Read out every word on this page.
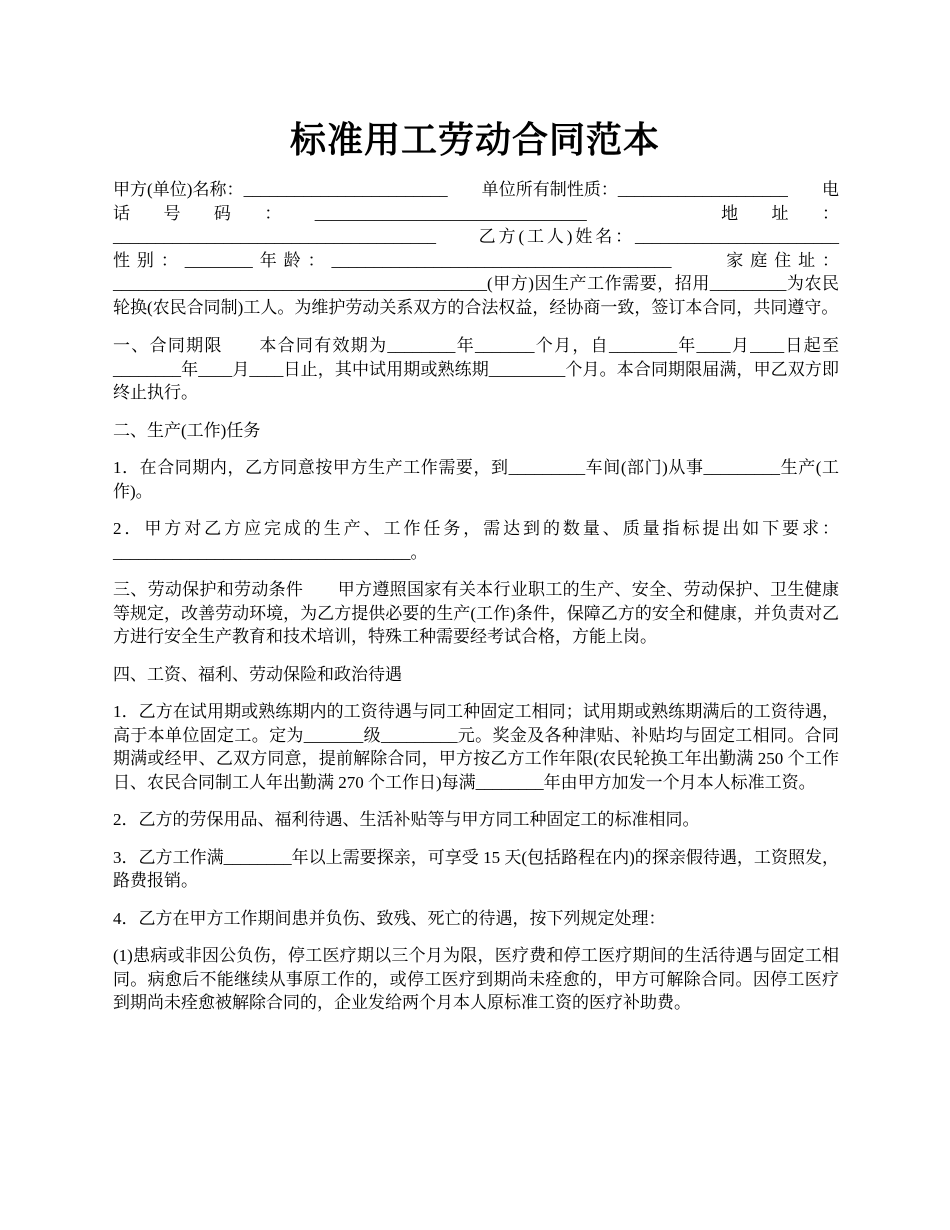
标准用工劳动合同范本

甲方(单位)名称：________________________　　单位所有制性质：____________________　　电话号码：________________________________　　地址：______________________________________　　乙方(工人)姓名：________________________　　性别：________年龄：________________________________________　　家庭住址：____________________________________________(甲方)因生产工作需要，招用_________为农民轮换(农民合同制)工人。为维护劳动关系双方的合法权益，经协商一致，签订本合同，共同遵守。

一、合同期限　　本合同有效期为________年_______个月，自________年____月____日起至________年____月____日止，其中试用期或熟练期_________个月。本合同期限届满，甲乙双方即终止执行。

二、生产(工作)任务

1．在合同期内，乙方同意按甲方生产工作需要，到_________车间(部门)从事_________生产(工作)。

2．甲方对乙方应完成的生产、工作任务，需达到的数量、质量指标提出如下要求：___________________________________。

三、劳动保护和劳动条件　　甲方遵照国家有关本行业职工的生产、安全、劳动保护、卫生健康等规定，改善劳动环境，为乙方提供必要的生产(工作)条件，保障乙方的安全和健康，并负责对乙方进行安全生产教育和技术培训，特殊工种需要经考试合格，方能上岗。

四、工资、福利、劳动保险和政治待遇

1．乙方在试用期或熟练期内的工资待遇与同工种固定工相同；试用期或熟练期满后的工资待遇，高于本单位固定工。定为_______级_________元。奖金及各种津贴、补贴均与固定工相同。合同期满或经甲、乙双方同意，提前解除合同，甲方按乙方工作年限(农民轮换工年出勤满 250 个工作日、农民合同制工人年出勤满 270 个工作日)每满________年由甲方加发一个月本人标准工资。

2．乙方的劳保用品、福利待遇、生活补贴等与甲方同工种固定工的标准相同。

3．乙方工作满________年以上需要探亲，可享受 15 天(包括路程在内)的探亲假待遇，工资照发，路费报销。

4．乙方在甲方工作期间患并负伤、致残、死亡的待遇，按下列规定处理：

(1)患病或非因公负伤，停工医疗期以三个月为限，医疗费和停工医疗期间的生活待遇与固定工相同。病愈后不能继续从事原工作的，或停工医疗到期尚未痊愈的，甲方可解除合同。因停工医疗到期尚未痊愈被解除合同的，企业发给两个月本人原标准工资的医疗补助费。
